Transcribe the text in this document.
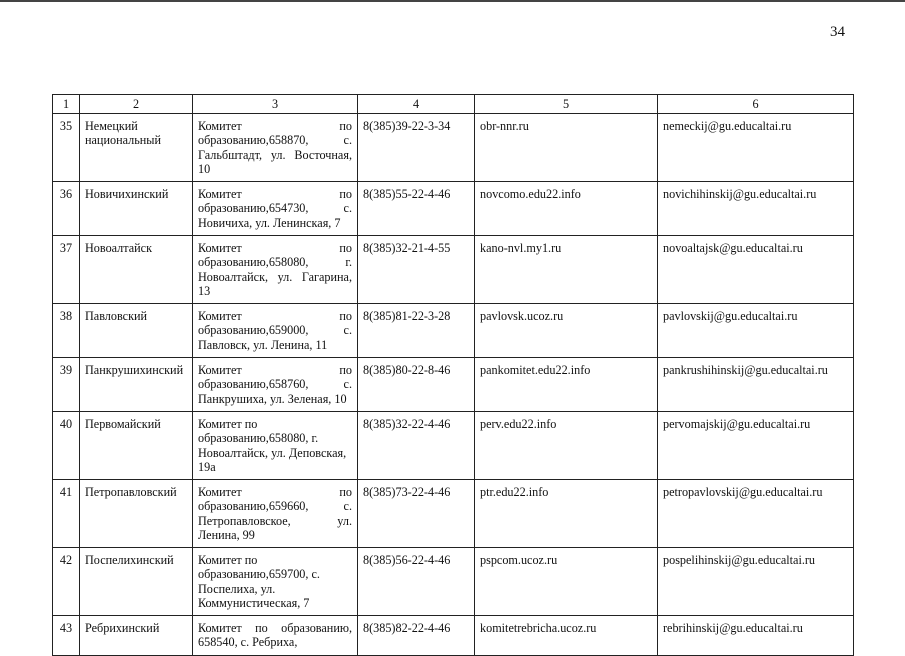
34
1	2	3	4	5	6
35	Немецкий национальный	Комитет по образованию,658870, с. Гальбштадт, ул. Восточная, 10	8(385)39-22-3-34	obr-nnr.ru	nemeckij@gu.educaltai.ru
36	Новичихинский	Комитет по образованию,654730, с. Новичиха, ул. Ленинская, 7	8(385)55-22-4-46	novcomo.edu22.info	novichihinskij@gu.educaltai.ru
37	Новоалтайск	Комитет по образованию,658080, г. Новоалтайск, ул. Гагарина, 13	8(385)32-21-4-55	kano-nvl.my1.ru	novoaltajsk@gu.educaltai.ru
38	Павловский	Комитет по образованию,659000, с. Павловск, ул. Ленина, 11	8(385)81-22-3-28	pavlovsk.ucoz.ru	pavlovskij@gu.educaltai.ru
39	Панкрушихинский	Комитет по образованию,658760, с. Панкрушиха, ул. Зеленая, 10	8(385)80-22-8-46	pankomitet.edu22.info	pankrushihinskij@gu.educaltai.ru
40	Первомайский	Комитет по образованию,658080, г. Новоалтайск, ул. Деповская, 19а	8(385)32-22-4-46	perv.edu22.info	pervomajskij@gu.educaltai.ru
41	Петропавловский	Комитет по образованию,659660, с. Петропавловское, ул. Ленина, 99	8(385)73-22-4-46	ptr.edu22.info	petropavlovskij@gu.educaltai.ru
42	Поспелихинский	Комитет по образованию,659700, с. Поспелиха, ул. Коммунистическая, 7	8(385)56-22-4-46	pspcom.ucoz.ru	pospelihinskij@gu.educaltai.ru
43	Ребрихинский	Комитет по образованию, 658540, с. Ребриха,	8(385)82-22-4-46	komitetrebricha.ucoz.ru	rebrihinskij@gu.educaltai.ru
